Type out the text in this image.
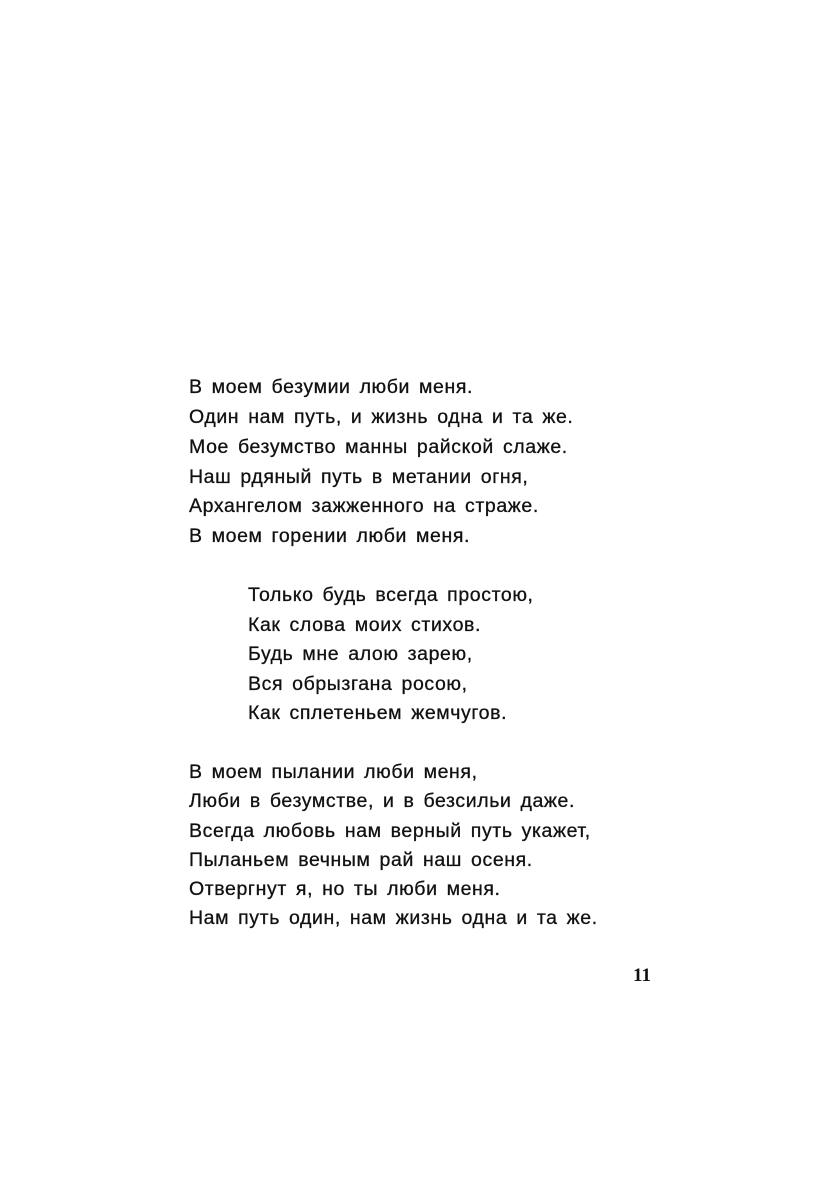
В моем безумии люби меня.
Один нам путь, и жизнь одна и та же.
Мое безумство манны райской слаже.
Наш рдяный путь в метании огня,
Архангелом зажженного на страже.
В моем горении люби меня.
Только будь всегда простою,
Как слова моих стихов.
Будь мне алою зарею,
Вся обрызгана росою,
Как сплетеньем жемчугов.
В моем пылании люби меня,
Люби в безумстве, и в безсильи даже.
Всегда любовь нам верный путь укажет,
Пыланьем вечным рай наш осеня.
Отвергнут я, но ты люби меня.
Нам путь один, нам жизнь одна и та же.
11
